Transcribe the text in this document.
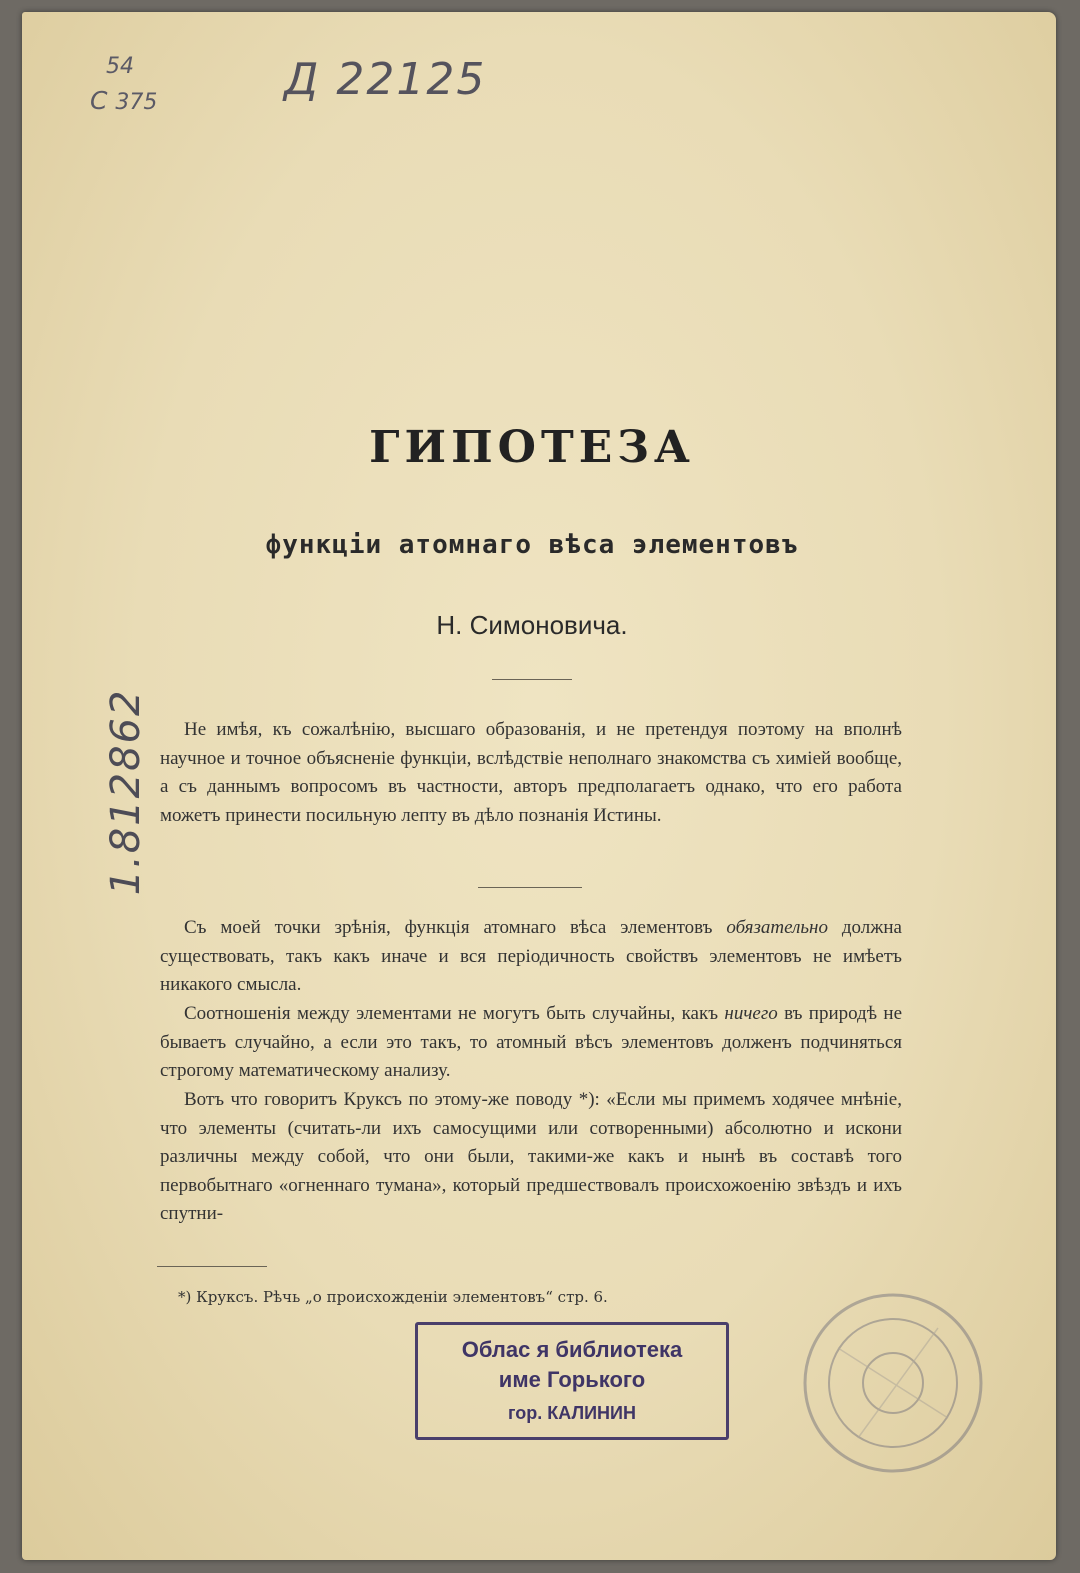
54
С 375	Д 22125
1.812862
ГИПОТЕЗА
функціи атомнаго вѣса элементовъ
Н. Симоновича.

Не имѣя, къ сожалѣнію, высшаго образованія, и не претендуя поэтому на вполнѣ научное и точное объясненіе функціи, вслѣдствіе неполнаго знакомства съ химіей вообще, а съ даннымъ вопросомъ въ частности, авторъ предполагаетъ однако, что его работа можетъ принести посильную лепту въ дѣло познанія Истины.

Съ моей точки зрѣнія, функція атомнаго вѣса элементовъ обязательно должна существовать, такъ какъ иначе и вся періодичность свойствъ элементовъ не имѣетъ никакого смысла.

Соотношенія между элементами не могутъ быть случайны, какъ ничего въ природѣ не бываетъ случайно, а если это такъ, то атомный вѣсъ элементовъ долженъ подчиняться строгому математическому анализу.

Вотъ что говоритъ Круксъ по этому-же поводу *): «Если мы примемъ ходячее мнѣніе, что элементы (считать-ли ихъ самосущими или сотворенными) абсолютно и искони различны между собой, что они были, такими-же какъ и нынѣ въ составѣ того первобытнаго «огненнаго тумана», который предшествовалъ происхожоенію звѣздъ и ихъ спутни-

*) Круксъ. Рѣчь „о происхожденіи элементовъ“ стр. 6.
Облас я библиотека
име Горького
гор. КАЛИНИН
